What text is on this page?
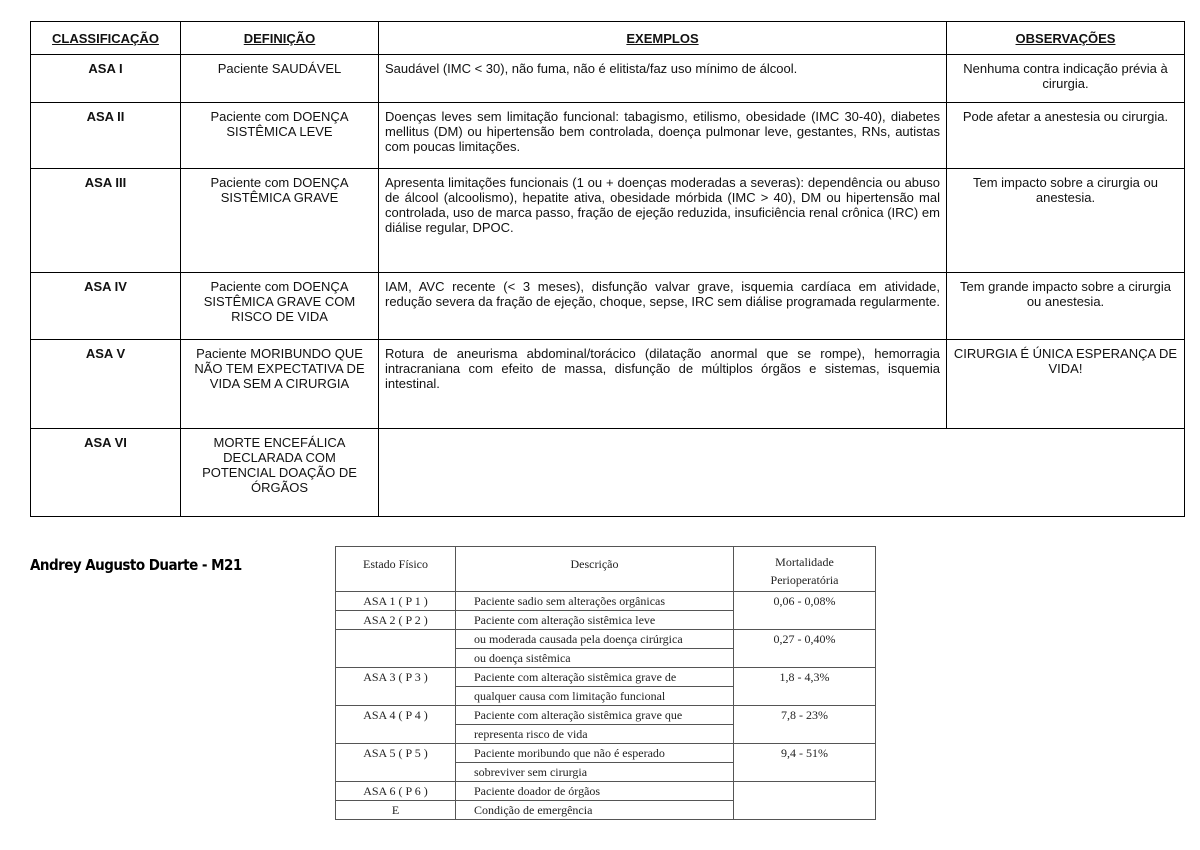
CLASSIFICAÇÃO	DEFINIÇÃO	EXEMPLOS	OBSERVAÇÕES
ASA I	Paciente SAUDÁVEL	Saudável (IMC < 30), não fuma, não é elitista/faz uso mínimo de álcool.	Nenhuma contra indicação prévia à cirurgia.
ASA II	Paciente com DOENÇA SISTÊMICA LEVE	Doenças leves sem limitação funcional: tabagismo, etilismo, obesidade (IMC 30-40), diabetes mellitus (DM) ou hipertensão bem controlada, doença pulmonar leve, gestantes, RNs, autistas com poucas limitações.	Pode afetar a anestesia ou cirurgia.
ASA III	Paciente com DOENÇA SISTÊMICA GRAVE	Apresenta limitações funcionais (1 ou + doenças moderadas a severas): dependência ou abuso de álcool (alcoolismo), hepatite ativa, obesidade mórbida (IMC > 40), DM ou hipertensão mal controlada, uso de marca passo, fração de ejeção reduzida, insuficiência renal crônica (IRC) em diálise regular, DPOC.	Tem impacto sobre a cirurgia ou anestesia.
ASA IV	Paciente com DOENÇA SISTÊMICA GRAVE COM RISCO DE VIDA	IAM, AVC recente (< 3 meses), disfunção valvar grave, isquemia cardíaca em atividade, redução severa da fração de ejeção, choque, sepse, IRC sem diálise programada regularmente.	Tem grande impacto sobre a cirurgia ou anestesia.
ASA V	Paciente MORIBUNDO QUE NÃO TEM EXPECTATIVA DE VIDA SEM A CIRURGIA	Rotura de aneurisma abdominal/torácico (dilatação anormal que se rompe), hemorragia intracraniana com efeito de massa, disfunção de múltiplos órgãos e sistemas, isquemia intestinal.	CIRURGIA É ÚNICA ESPERANÇA DE VIDA!
ASA VI	MORTE ENCEFÁLICA DECLARADA COM POTENCIAL DOAÇÃO DE ÓRGÃOS		
Andrey Augusto Duarte - M21	Estado Físico	Descrição	Mortalidade
Perioperatória

ASA 1 ( P 1 )	Paciente sadio sem alterações orgânicas	0,06 - 0,08%
ASA 2 ( P 2 )	Paciente com alteração sistêmica leve	
	ou moderada causada pela doença cirúrgica	0,27 - 0,40%
	ou doença sistêmica	
ASA 3 ( P 3 )	Paciente com alteração sistêmica grave de	1,8 - 4,3%
	qualquer causa com limitação funcional	
ASA 4 ( P 4 )	Paciente com alteração sistêmica grave que	7,8 - 23%
	representa risco de vida	
ASA 5 ( P 5 )	Paciente moribundo que não é esperado	9,4 - 51%
	sobreviver sem cirurgia	
ASA 6 ( P 6 )	Paciente doador de órgãos	
E	Condição de emergência	
